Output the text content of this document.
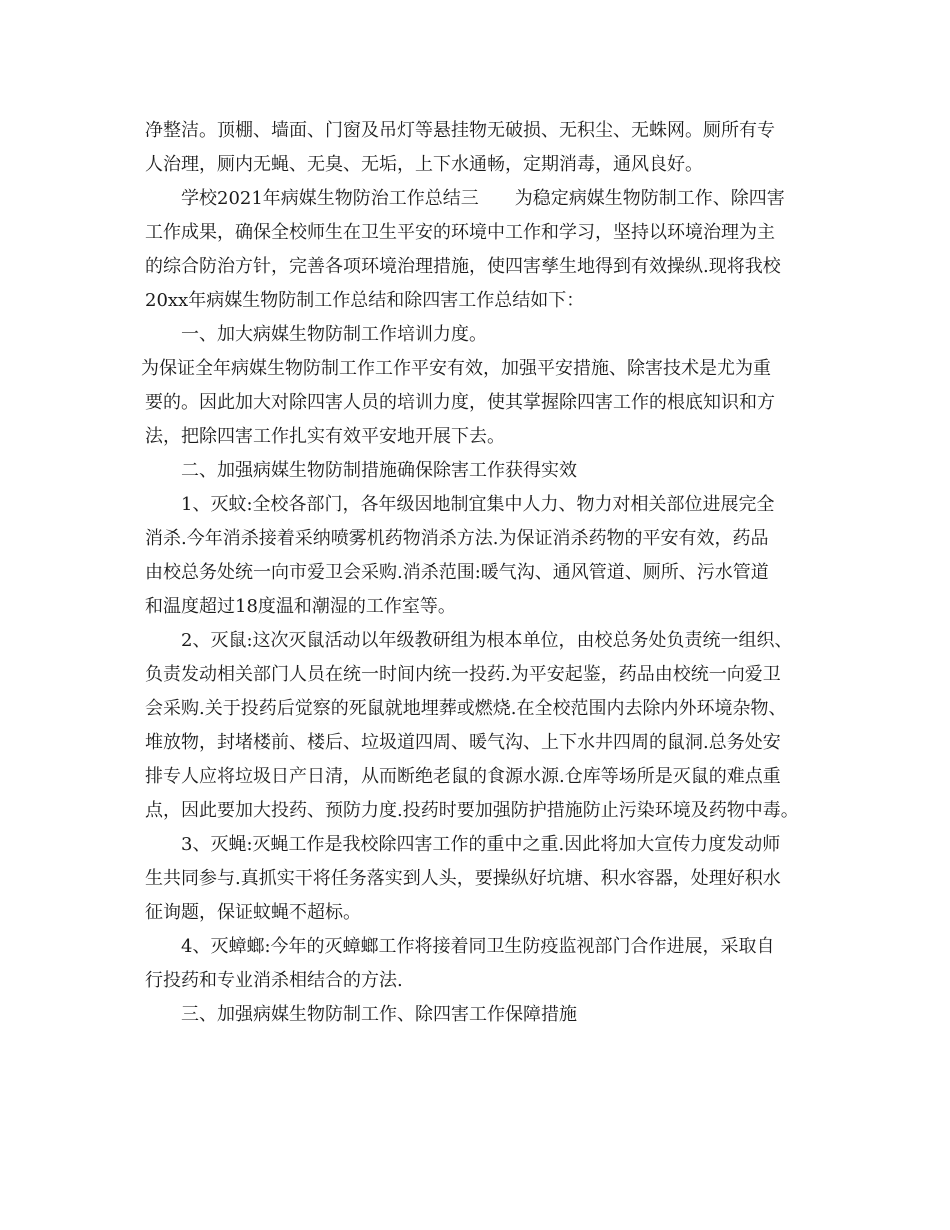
净整洁。顶棚、墙面、门窗及吊灯等悬挂物无破损、无积尘、无蛛网。厕所有专
人治理，厕内无蝇、无臭、无垢，上下水通畅，定期消毒，通风良好。
学校2021年病媒生物防治工作总结三　　为稳定病媒生物防制工作、除四害
工作成果，确保全校师生在卫生平安的环境中工作和学习，坚持以环境治理为主
的综合防治方针，完善各项环境治理措施，使四害孳生地得到有效操纵.现将我校
20xx年病媒生物防制工作总结和除四害工作总结如下：
一、加大病媒生物防制工作培训力度。
为保证全年病媒生物防制工作工作平安有效，加强平安措施、除害技术是尤为重
要的。因此加大对除四害人员的培训力度，使其掌握除四害工作的根底知识和方
法，把除四害工作扎实有效平安地开展下去。
二、加强病媒生物防制措施确保除害工作获得实效
1、灭蚊:全校各部门，各年级因地制宜集中人力、物力对相关部位进展完全
消杀.今年消杀接着采纳喷雾机药物消杀方法.为保证消杀药物的平安有效，药品
由校总务处统一向市爱卫会采购.消杀范围:暖气沟、通风管道、厕所、污水管道
和温度超过18度温和潮湿的工作室等。
2、灭鼠:这次灭鼠活动以年级教研组为根本单位，由校总务处负责统一组织、
负责发动相关部门人员在统一时间内统一投药.为平安起鉴，药品由校统一向爱卫
会采购.关于投药后觉察的死鼠就地埋葬或燃烧.在全校范围内去除内外环境杂物、
堆放物，封堵楼前、楼后、垃圾道四周、暖气沟、上下水井四周的鼠洞.总务处安
排专人应将垃圾日产日清，从而断绝老鼠的食源水源.仓库等场所是灭鼠的难点重
点，因此要加大投药、预防力度.投药时要加强防护措施防止污染环境及药物中毒。
3、灭蝇:灭蝇工作是我校除四害工作的重中之重.因此将加大宣传力度发动师
生共同参与.真抓实干将任务落实到人头，要操纵好坑塘、积水容器，处理好积水
征询题，保证蚊蝇不超标。
4、灭蟑螂:今年的灭蟑螂工作将接着同卫生防疫监视部门合作进展，采取自
行投药和专业消杀相结合的方法.
三、加强病媒生物防制工作、除四害工作保障措施
